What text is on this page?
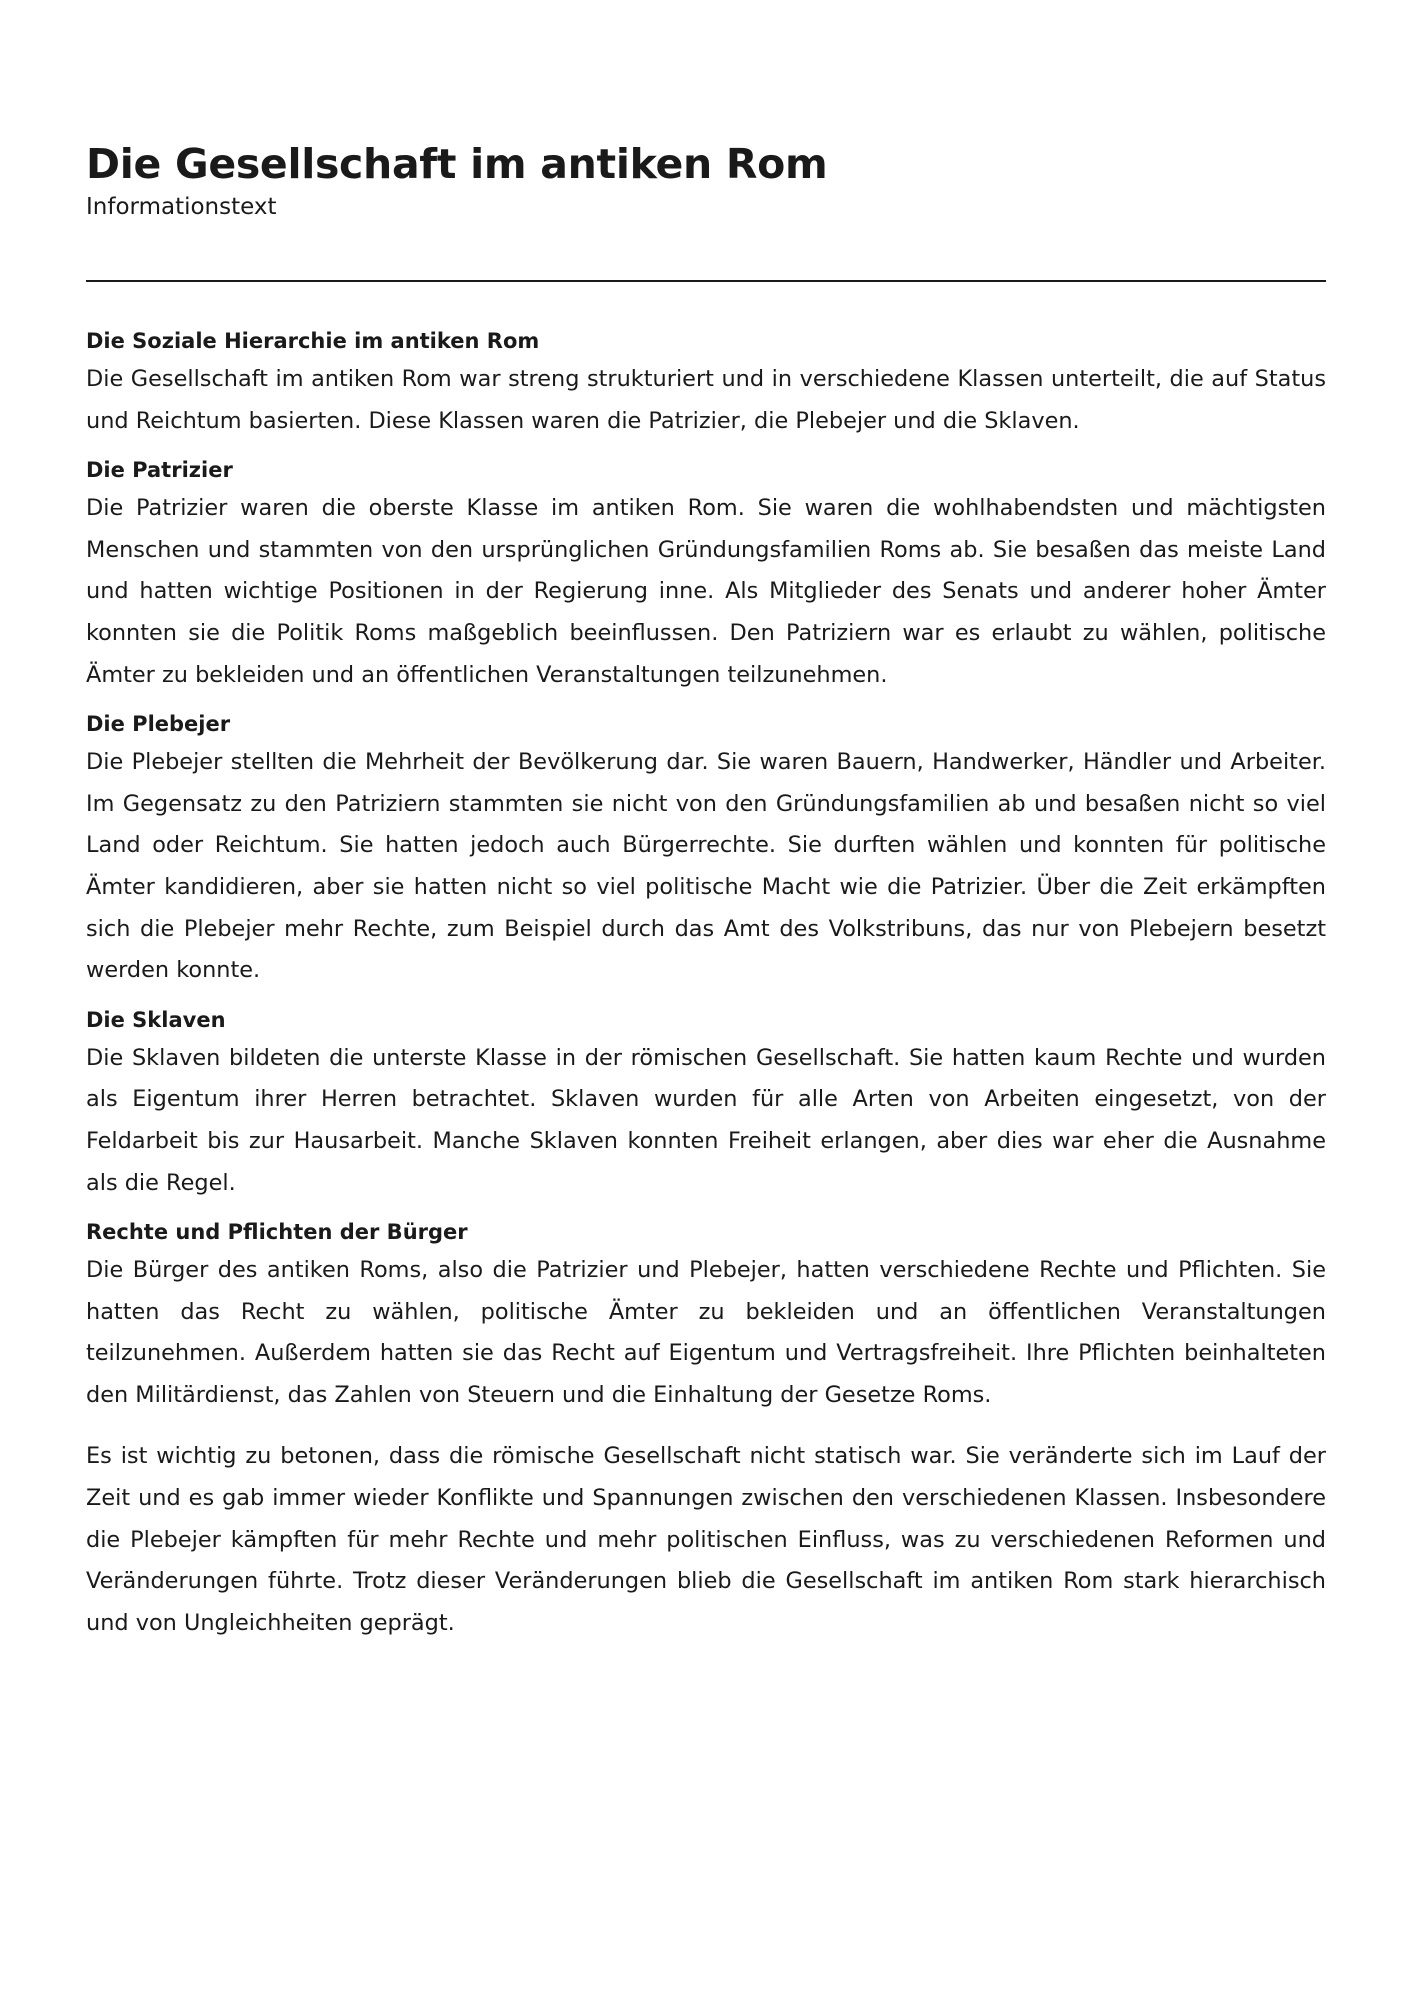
Die Gesellschaft im antiken Rom
Informationstext
Die Soziale Hierarchie im antiken Rom

Die Gesellschaft im antiken Rom war streng strukturiert und in verschiedene Klassen unterteilt, die auf Status und Reichtum basierten. Diese Klassen waren die Patrizier, die Plebejer und die Sklaven.

Die Patrizier

Die Patrizier waren die oberste Klasse im antiken Rom. Sie waren die wohlhabendsten und mächtigsten Menschen und stammten von den ursprünglichen Gründungsfamilien Roms ab. Sie besaßen das meiste Land und hatten wichtige Positionen in der Regierung inne. Als Mitglieder des Senats und anderer hoher Ämter konnten sie die Politik Roms maßgeblich beeinflussen. Den Patriziern war es erlaubt zu wählen, politische Ämter zu bekleiden und an öffentlichen Veranstaltungen teilzunehmen.

Die Plebejer

Die Plebejer stellten die Mehrheit der Bevölkerung dar. Sie waren Bauern, Handwerker, Händler und Arbeiter. Im Gegensatz zu den Patriziern stammten sie nicht von den Gründungsfamilien ab und besaßen nicht so viel Land oder Reichtum. Sie hatten jedoch auch Bürgerrechte. Sie durften wählen und konnten für politische Ämter kandidieren, aber sie hatten nicht so viel politische Macht wie die Patrizier. Über die Zeit erkämpften sich die Plebejer mehr Rechte, zum Beispiel durch das Amt des Volkstribuns, das nur von Plebejern besetzt werden konnte.

Die Sklaven

Die Sklaven bildeten die unterste Klasse in der römischen Gesellschaft. Sie hatten kaum Rechte und wurden als Eigentum ihrer Herren betrachtet. Sklaven wurden für alle Arten von Arbeiten eingesetzt, von der Feldarbeit bis zur Hausarbeit. Manche Sklaven konnten Freiheit erlangen, aber dies war eher die Ausnahme als die Regel.

Rechte und Pflichten der Bürger

Die Bürger des antiken Roms, also die Patrizier und Plebejer, hatten verschiedene Rechte und Pflichten. Sie hatten das Recht zu wählen, politische Ämter zu bekleiden und an öffentlichen Veranstaltungen teilzunehmen. Außerdem hatten sie das Recht auf Eigentum und Vertragsfreiheit. Ihre Pflichten beinhalteten den Militärdienst, das Zahlen von Steuern und die Einhaltung der Gesetze Roms.

Es ist wichtig zu betonen, dass die römische Gesellschaft nicht statisch war. Sie veränderte sich im Lauf der Zeit und es gab immer wieder Konflikte und Spannungen zwischen den verschiedenen Klassen. Insbesondere die Plebejer kämpften für mehr Rechte und mehr politischen Einfluss, was zu verschiedenen Reformen und Veränderungen führte. Trotz dieser Veränderungen blieb die Gesellschaft im antiken Rom stark hierarchisch und von Ungleichheiten geprägt.
